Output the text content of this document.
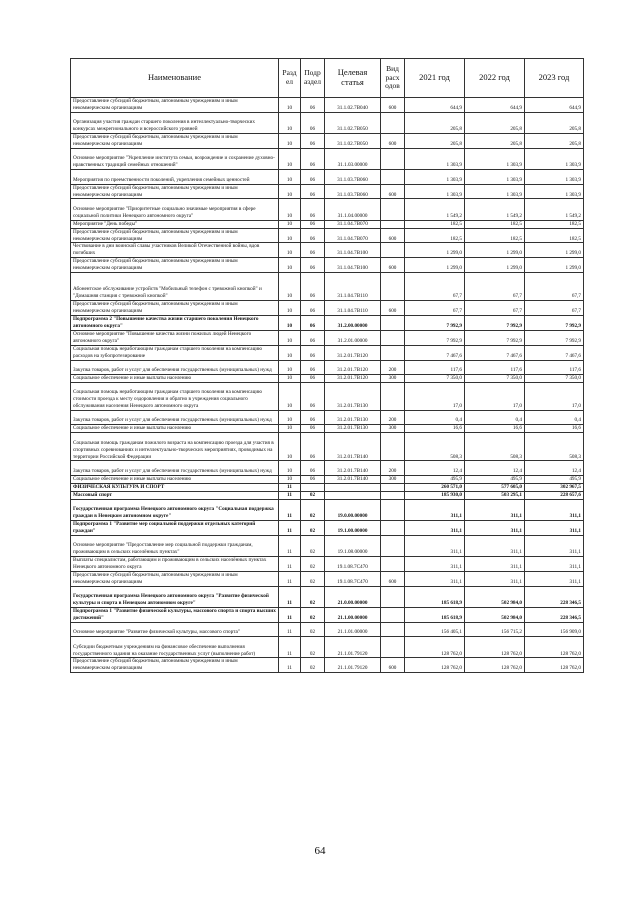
Наименование	Разд ел	Подр аздел	Целевая статья	Вид расх одов	2021 год	2022 год	2023 год
Предоставление субсидий бюджетным, автономным учреждениям и иным некоммерческим организациям	10	06	31.1.02.7В040	600	644,9	644,9	644,9
Организация участия граждан старшего поколения в интеллектуально-творческих конкурсах межрегионального и всероссийского уровней	10	06	31.1.02.7В050		205,8	205,8	205,8
Предоставление субсидий бюджетным, автономным учреждениям и иным некоммерческим организациям	10	06	31.1.02.7В050	600	205,8	205,8	205,8
Основное мероприятие "Укрепление института семьи, возрождение и сохранение духовно-нравственных традиций семейных отношений"	10	06	31.1.03.00000		1 303,9	1 303,9	1 303,9
Мероприятия по преемственности поколений, укрепления семейных ценностей	10	06	31.1.03.7В060		1 303,9	1 303,9	1 303,9
Предоставление субсидий бюджетным, автономным учреждениям и иным некоммерческим организациям	10	06	31.1.03.7В060	600	1 303,9	1 303,9	1 303,9
Основное мероприятие "Приоритетные социально значимые мероприятия в сфере социальной политики Ненецкого автономного округа"	10	06	31.1.04.00000		1 549,2	1 549,2	1 549,2
Мероприятие "День победы"	10	06	31.1.04.7В070		182,5	182,5	182,5
Предоставление субсидий бюджетным, автономным учреждениям и иным некоммерческим организациям	10	06	31.1.04.7В070	600	182,5	182,5	182,5
Чествование в дни воинской славы участников Великой Отечественной войны, вдов погибших	10	06	31.1.04.7В100		1 299,0	1 299,0	1 299,0
Предоставление субсидий бюджетным, автономным учреждениям и иным некоммерческим организациям	10	06	31.1.04.7В100	600	1 299,0	1 299,0	1 299,0
Абонентское обслуживание устройств "Мобильный телефон с тревожной кнопкой" и "Домашняя станция с тревожной кнопкой"	10	06	31.1.04.7В110		67,7	67,7	67,7
Предоставление субсидий бюджетным, автономным учреждениям и иным некоммерческим организациям	10	06	31.1.04.7В110	600	67,7	67,7	67,7
Подпрограмма 2 "Повышение качества жизни старшего поколения Ненецкого автономного округа"	10	06	31.2.00.00000		7 992,9	7 992,9	7 992,9
Основное мероприятие "Повышение качества жизни пожилых людей Ненецкого автономного округа"	10	06	31.2.01.00000		7 992,9	7 992,9	7 992,9
Социальная помощь неработающим гражданам старшего поколения на компенсацию расходов на зубопротезирование	10	06	31.2.01.7В120		7 467,6	7 467,6	7 467,6
Закупка товаров, работ и услуг для обеспечения государственных (муниципальных) нужд	10	06	31.2.01.7В120	200	117,6	117,6	117,6
Социальное обеспечение и иные выплаты населению	10	06	31.2.01.7В120	300	7 350,0	7 350,0	7 350,0
Социальная помощь неработающим гражданам старшего поколения на компенсацию стоимости проезда к месту оздоровления и обратно в учреждения социального обслуживания населения Ненецкого автономного округа	10	06	31.2.01.7В130		17,0	17,0	17,0
Закупка товаров, работ и услуг для обеспечения государственных (муниципальных) нужд	10	06	31.2.01.7В130	200	0,4	0,4	0,4
Социальное обеспечение и иные выплаты населению	10	06	31.2.01.7В130	300	16,6	16,6	16,6
Социальная помощь гражданам пожилого возраста на компенсацию проезда для участия в спортивных соревнованиях и интеллектуально-творческих мероприятиях, проводимых на территории Российской Федерации	10	06	31.2.01.7В140		508,3	508,3	508,3
Закупка товаров, работ и услуг для обеспечения государственных (муниципальных) нужд	10	06	31.2.01.7В140	200	12,4	12,4	12,4
Социальное обеспечение и иные выплаты населению	10	06	31.2.01.7В140	300	495,9	495,9	495,9
ФИЗИЧЕСКАЯ КУЛЬТУРА И СПОРТ	11				260 571,0	577 605,0	302 967,5
Массовый спорт	11	02			185 930,0	503 295,1	228 657,6
Государственная программа Ненецкого автономного округа "Социальная поддержка граждан в Ненецком автономном округе"	11	02	19.0.00.00000		311,1	311,1	311,1
Подпрограмма 1 "Развитие мер социальной поддержки отдельных категорий граждан"	11	02	19.1.00.00000		311,1	311,1	311,1
Основное мероприятие "Предоставление мер социальной поддержки гражданам, проживающим в сельских населённых пунктах"	11	02	19.1.08.00000		311,1	311,1	311,1
Выплаты специалистам, работающим и проживающим в сельских населённых пунктах Ненецкого автономного округа	11	02	19.1.08.7С470		311,1	311,1	311,1
Предоставление субсидий бюджетным, автономным учреждениям и иным некоммерческим организациям	11	02	19.1.08.7С470	600	311,1	311,1	311,1
Государственная программа Ненецкого автономного округа "Развитие физической культуры и спорта в Ненецком автономном округе"	11	02	21.0.00.00000		185 618,9	502 984,0	228 346,5
Подпрограмма 1 "Развитие физической культуры, массового спорта и спорта высших достижений"	11	02	21.1.00.00000		185 618,9	502 984,0	228 346,5
Основное мероприятие "Развитие физической культуры, массового спорта"	11	02	21.1.01.00000		156 405,1	156 715,2	156 909,0
Субсидии бюджетным учреждениям на финансовое обеспечение выполнения государственного задания на оказание государственных услуг (выполнение работ)	11	02	21.1.01.79120		128 762,0	128 762,0	128 762,0
Предоставление субсидий бюджетным, автономным учреждениям и иным некоммерческим организациям	11	02	21.1.01.79120	600	128 762,0	128 762,0	128 762,0
64
